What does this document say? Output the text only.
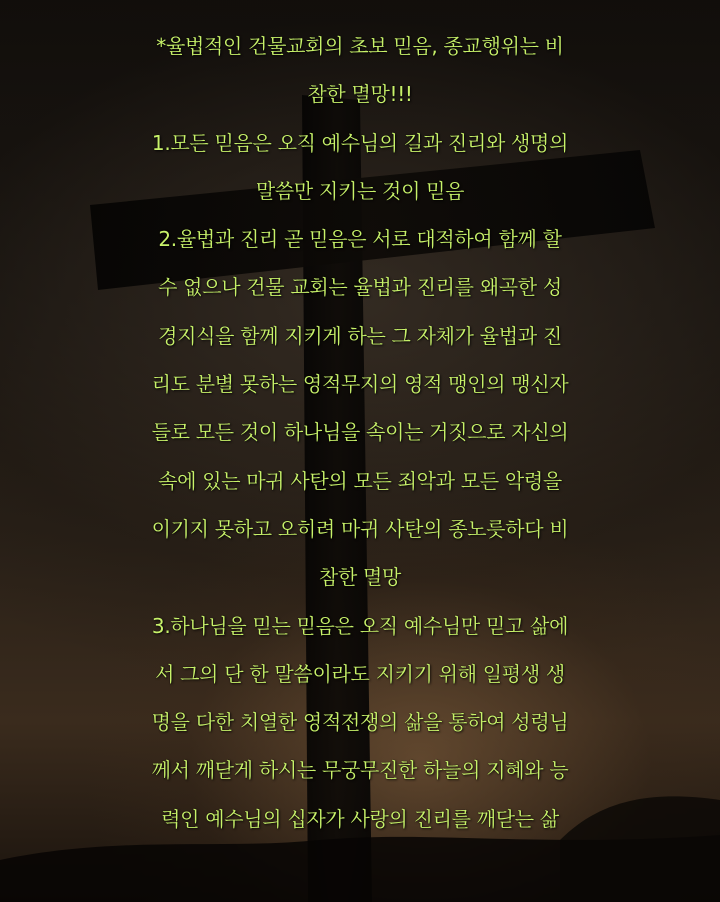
*율법적인 건물교회의 초보 믿음, 종교행위는 비
참한 멸망!!!
1.모든 믿음은 오직 예수님의 길과 진리와 생명의
말씀만 지키는 것이 믿음
2.율법과 진리 곧 믿음은 서로 대적하여 함께 할
수 없으나 건물 교회는 율법과 진리를 왜곡한 성
경지식을 함께 지키게 하는 그 자체가 율법과 진
리도 분별 못하는 영적무지의 영적 맹인의 맹신자
들로 모든 것이 하나님을 속이는 거짓으로 자신의
속에 있는 마귀 사탄의 모든 죄악과 모든 악령을
이기지 못하고 오히려 마귀 사탄의 종노릇하다 비
참한 멸망
3.하나님을 믿는 믿음은 오직 예수님만 믿고 삶에
서 그의 단 한 말씀이라도 지키기 위해 일평생 생
명을 다한 치열한 영적전쟁의 삶을 통하여 성령님
께서 깨닫게 하시는 무궁무진한 하늘의 지혜와 능
력인 예수님의 십자가 사랑의 진리를 깨닫는 삶
